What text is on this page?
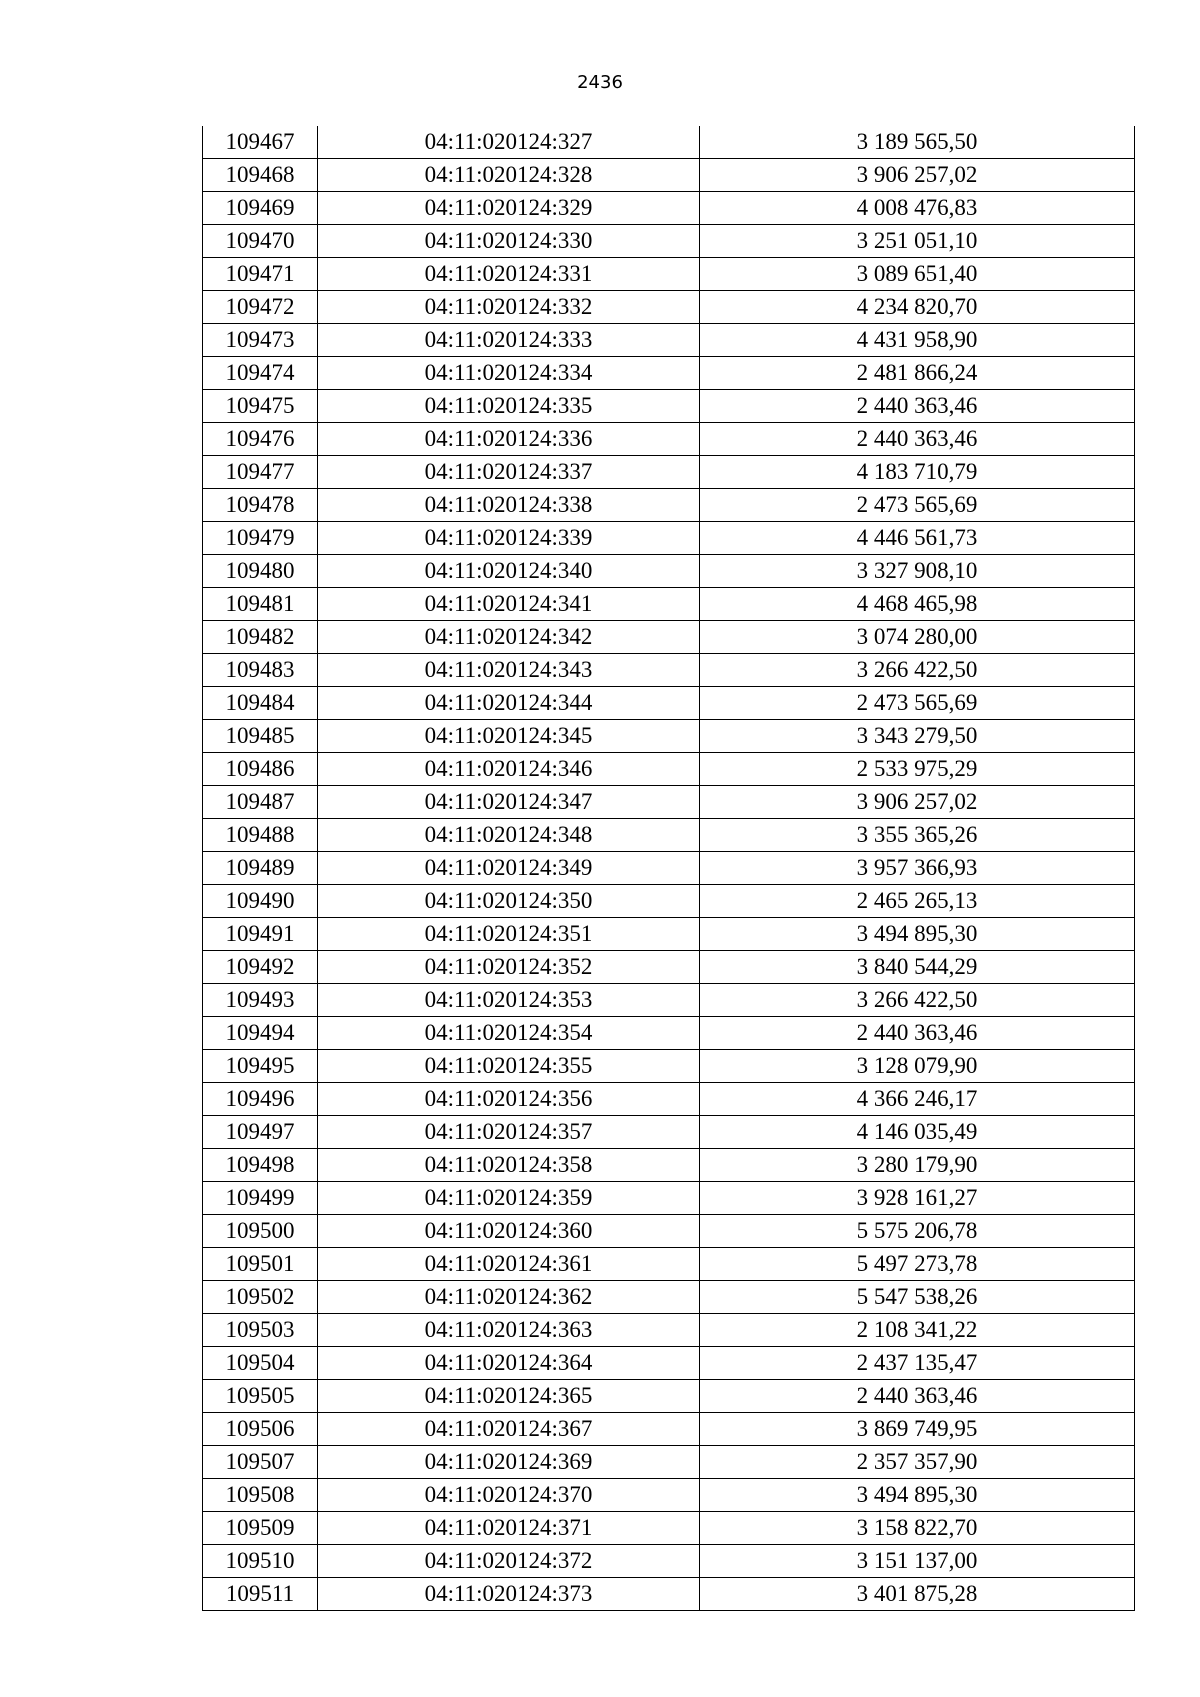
2436
109467	04:11:020124:327	3 189 565,50
109468	04:11:020124:328	3 906 257,02
109469	04:11:020124:329	4 008 476,83
109470	04:11:020124:330	3 251 051,10
109471	04:11:020124:331	3 089 651,40
109472	04:11:020124:332	4 234 820,70
109473	04:11:020124:333	4 431 958,90
109474	04:11:020124:334	2 481 866,24
109475	04:11:020124:335	2 440 363,46
109476	04:11:020124:336	2 440 363,46
109477	04:11:020124:337	4 183 710,79
109478	04:11:020124:338	2 473 565,69
109479	04:11:020124:339	4 446 561,73
109480	04:11:020124:340	3 327 908,10
109481	04:11:020124:341	4 468 465,98
109482	04:11:020124:342	3 074 280,00
109483	04:11:020124:343	3 266 422,50
109484	04:11:020124:344	2 473 565,69
109485	04:11:020124:345	3 343 279,50
109486	04:11:020124:346	2 533 975,29
109487	04:11:020124:347	3 906 257,02
109488	04:11:020124:348	3 355 365,26
109489	04:11:020124:349	3 957 366,93
109490	04:11:020124:350	2 465 265,13
109491	04:11:020124:351	3 494 895,30
109492	04:11:020124:352	3 840 544,29
109493	04:11:020124:353	3 266 422,50
109494	04:11:020124:354	2 440 363,46
109495	04:11:020124:355	3 128 079,90
109496	04:11:020124:356	4 366 246,17
109497	04:11:020124:357	4 146 035,49
109498	04:11:020124:358	3 280 179,90
109499	04:11:020124:359	3 928 161,27
109500	04:11:020124:360	5 575 206,78
109501	04:11:020124:361	5 497 273,78
109502	04:11:020124:362	5 547 538,26
109503	04:11:020124:363	2 108 341,22
109504	04:11:020124:364	2 437 135,47
109505	04:11:020124:365	2 440 363,46
109506	04:11:020124:367	3 869 749,95
109507	04:11:020124:369	2 357 357,90
109508	04:11:020124:370	3 494 895,30
109509	04:11:020124:371	3 158 822,70
109510	04:11:020124:372	3 151 137,00
109511	04:11:020124:373	3 401 875,28
